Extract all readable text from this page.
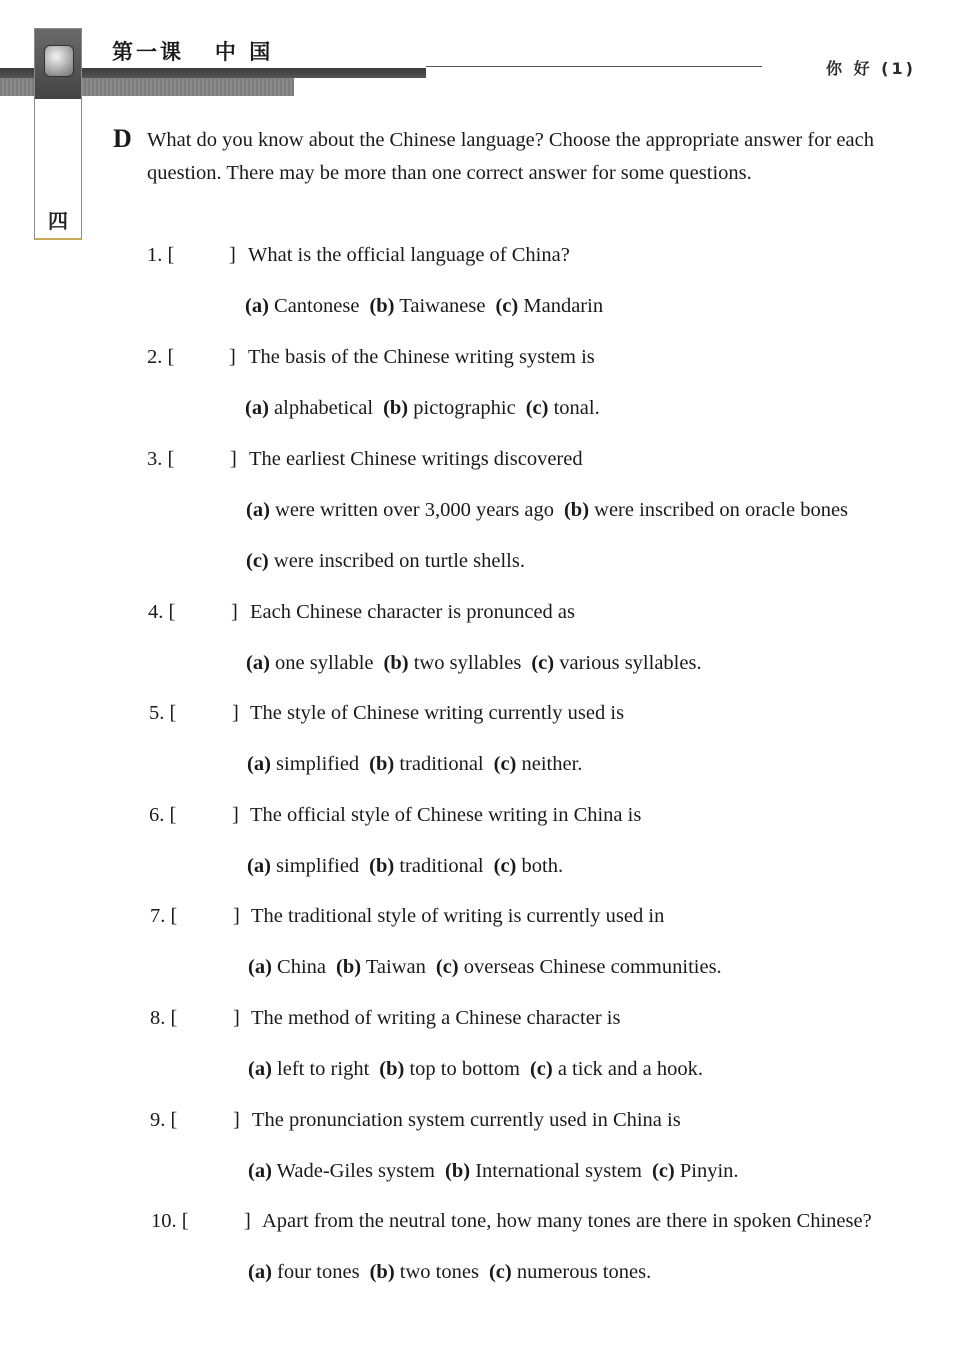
四
第一课   中 国
你 好 (1)
D What do you know about the Chinese language? Choose the appropriate answer for each question. There may be more than one correct answer for some questions.
1. [	] What is the official language of China?
(a) Cantonese (b) Taiwanese (c) Mandarin
2. [	] The basis of the Chinese writing system is
(a) alphabetical (b) pictographic (c) tonal.
3. [	] The earliest Chinese writings discovered
(a) were written over 3,000 years ago (b) were inscribed on oracle bones
(c) were inscribed on turtle shells.
4. [	] Each Chinese character is pronunced as
(a) one syllable (b) two syllables (c) various syllables.
5. [	] The style of Chinese writing currently used is
(a) simplified (b) traditional (c) neither.
6. [	] The official style of Chinese writing in China is
(a) simplified (b) traditional (c) both.
7. [	] The traditional style of writing is currently used in
(a) China (b) Taiwan (c) overseas Chinese communities.
8. [	] The method of writing a Chinese character is
(a) left to right (b) top to bottom (c) a tick and a hook.
9. [	] The pronunciation system currently used in China is
(a) Wade-Giles system (b) International system (c) Pinyin.
10. [	] Apart from the neutral tone, how many tones are there in spoken Chinese?
(a) four tones (b) two tones (c) numerous tones.
